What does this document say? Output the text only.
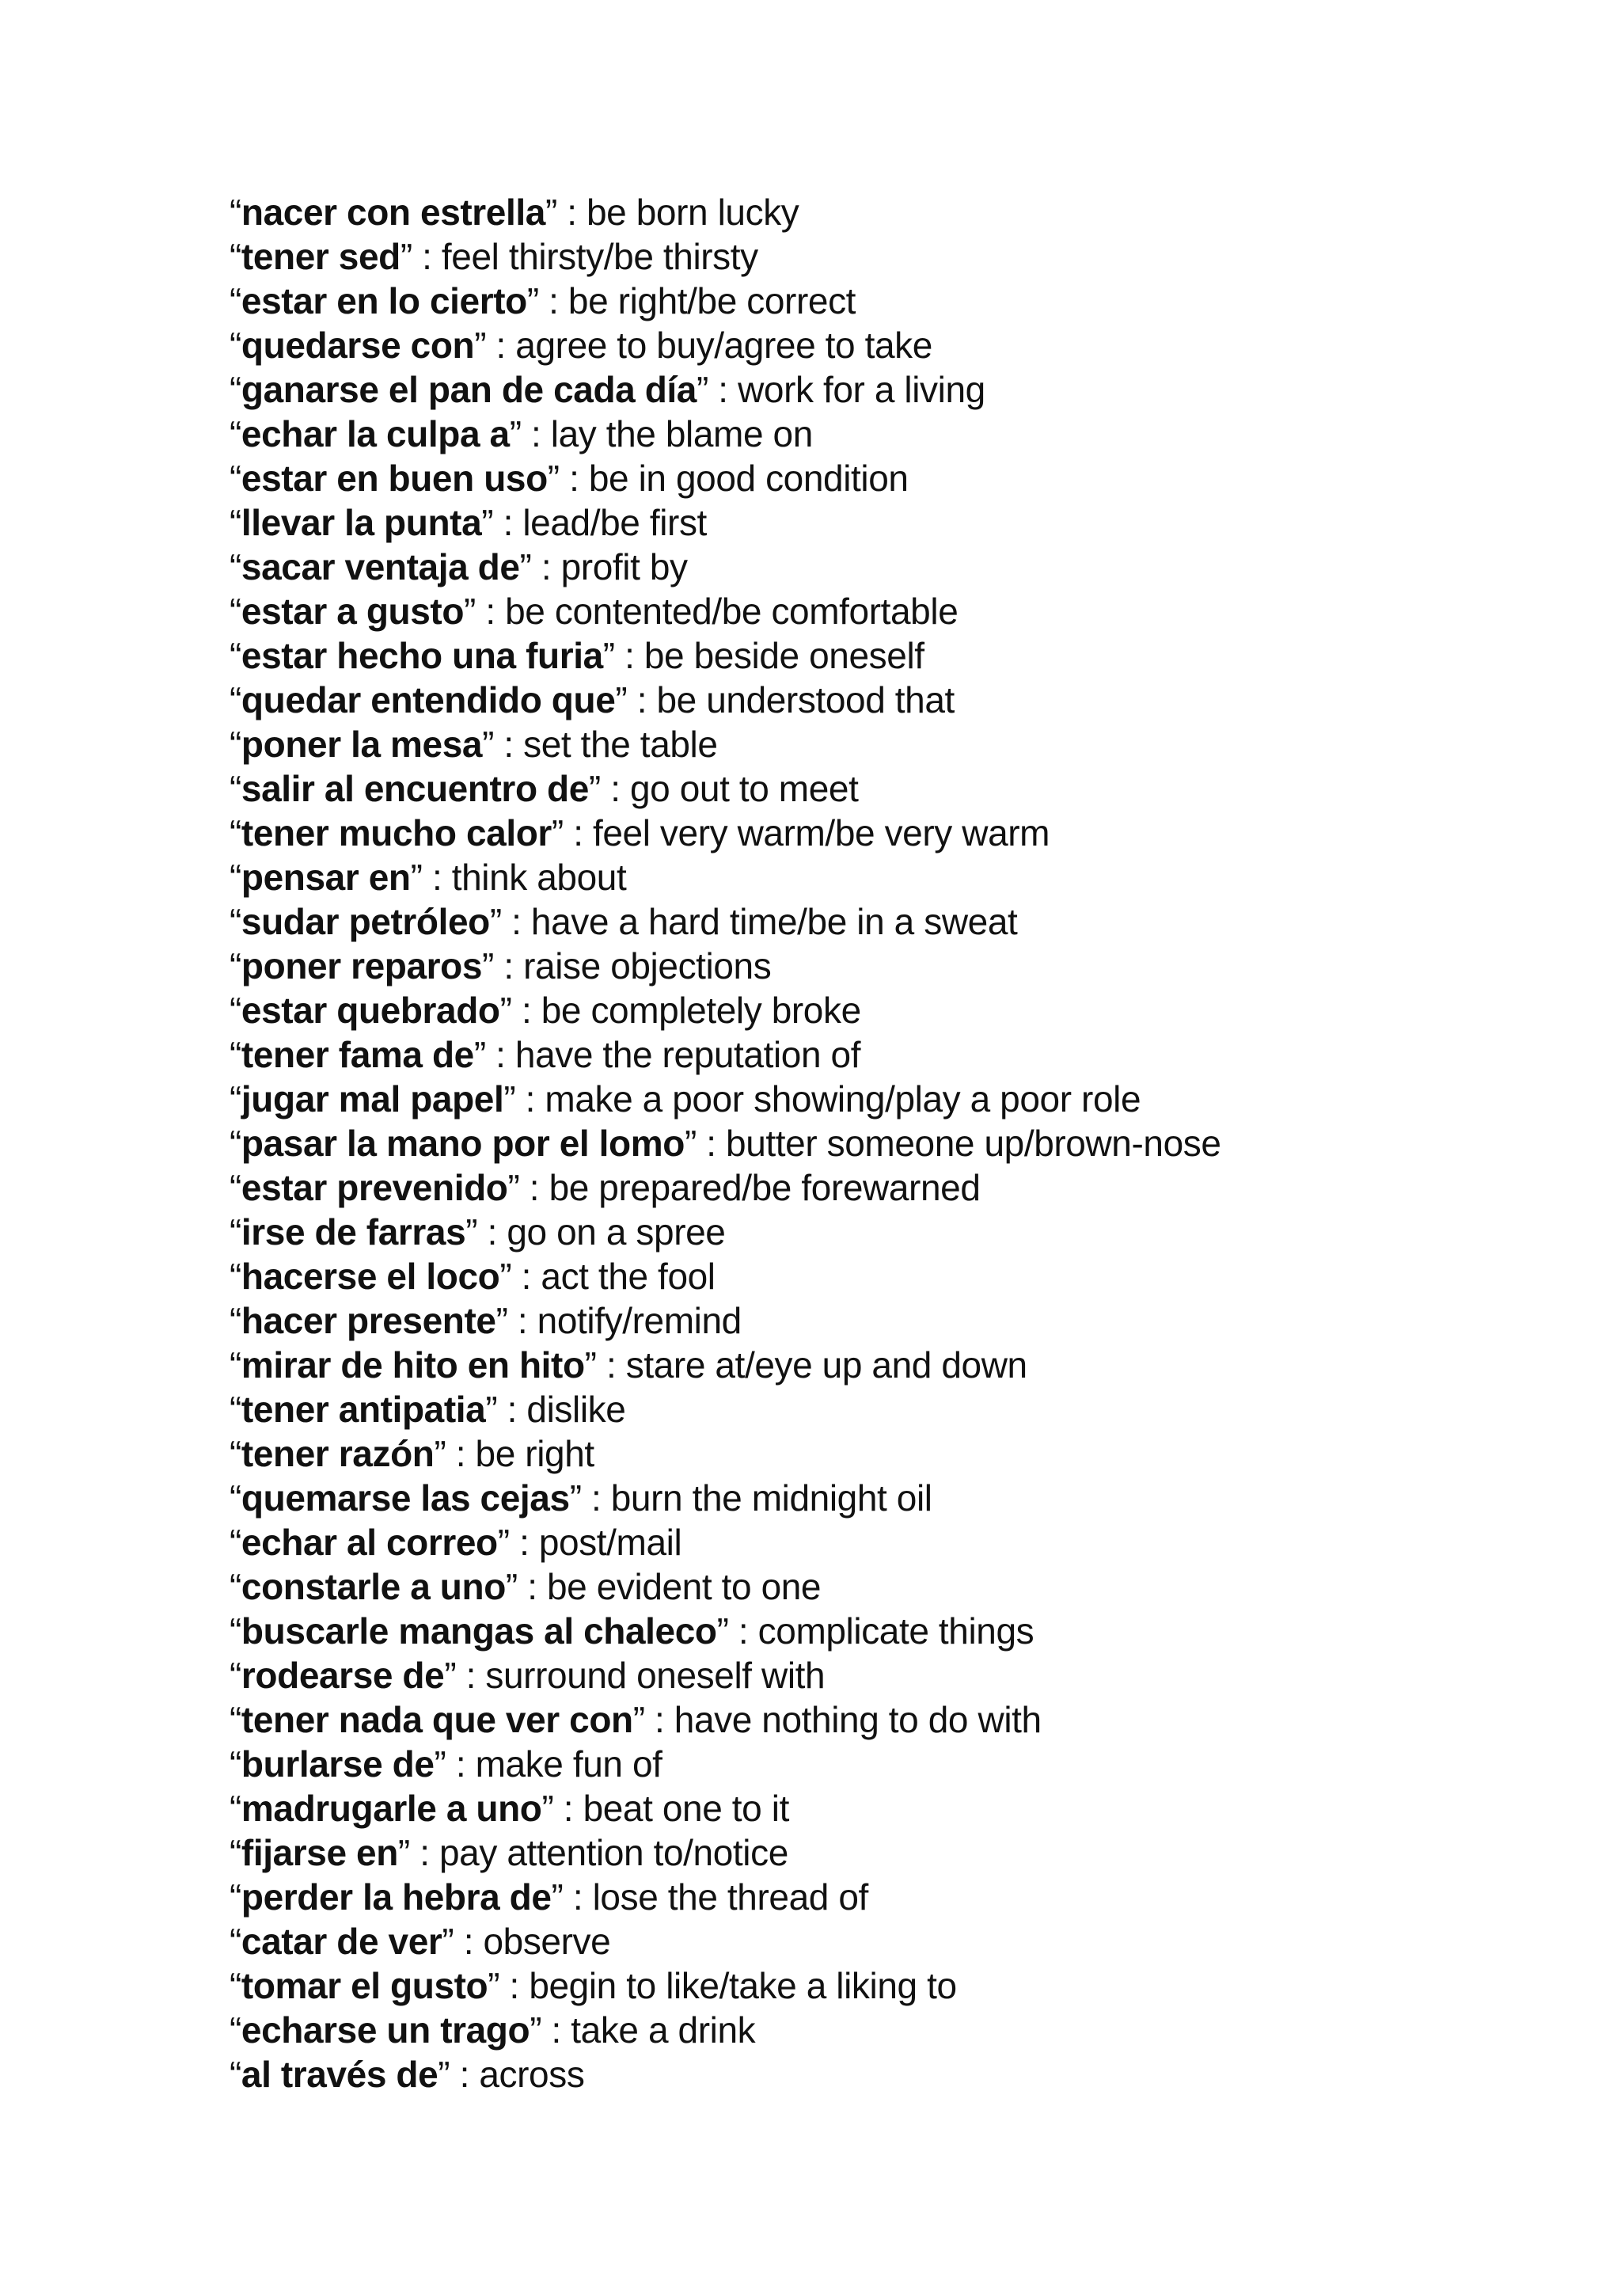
“nacer con estrella” : be born lucky
“tener sed” : feel thirsty/be thirsty
“estar en lo cierto” : be right/be correct
“quedarse con” : agree to buy/agree to take
“ganarse el pan de cada día” : work for a living
“echar la culpa a” : lay the blame on
“estar en buen uso” : be in good condition
“llevar la punta” : lead/be first
“sacar ventaja de” : profit by
“estar a gusto” : be contented/be comfortable
“estar hecho una furia” : be beside oneself
“quedar entendido que” : be understood that
“poner la mesa” : set the table
“salir al encuentro de” : go out to meet
“tener mucho calor” : feel very warm/be very warm
“pensar en” : think about
“sudar petróleo” : have a hard time/be in a sweat
“poner reparos” : raise objections
“estar quebrado” : be completely broke
“tener fama de” : have the reputation of
“jugar mal papel” : make a poor showing/play a poor role
“pasar la mano por el lomo” : butter someone up/brown-nose
“estar prevenido” : be prepared/be forewarned
“irse de farras” : go on a spree
“hacerse el loco” : act the fool
“hacer presente” : notify/remind
“mirar de hito en hito” : stare at/eye up and down
“tener antipatia” : dislike
“tener razón” : be right
“quemarse las cejas” : burn the midnight oil
“echar al correo” : post/mail
“constarle a uno” : be evident to one
“buscarle mangas al chaleco” : complicate things
“rodearse de” : surround oneself with
“tener nada que ver con” : have nothing to do with
“burlarse de” : make fun of
“madrugarle a uno” : beat one to it
“fijarse en” : pay attention to/notice
“perder la hebra de” : lose the thread of
“catar de ver” : observe
“tomar el gusto” : begin to like/take a liking to
“echarse un trago” : take a drink
“al través de” : across
